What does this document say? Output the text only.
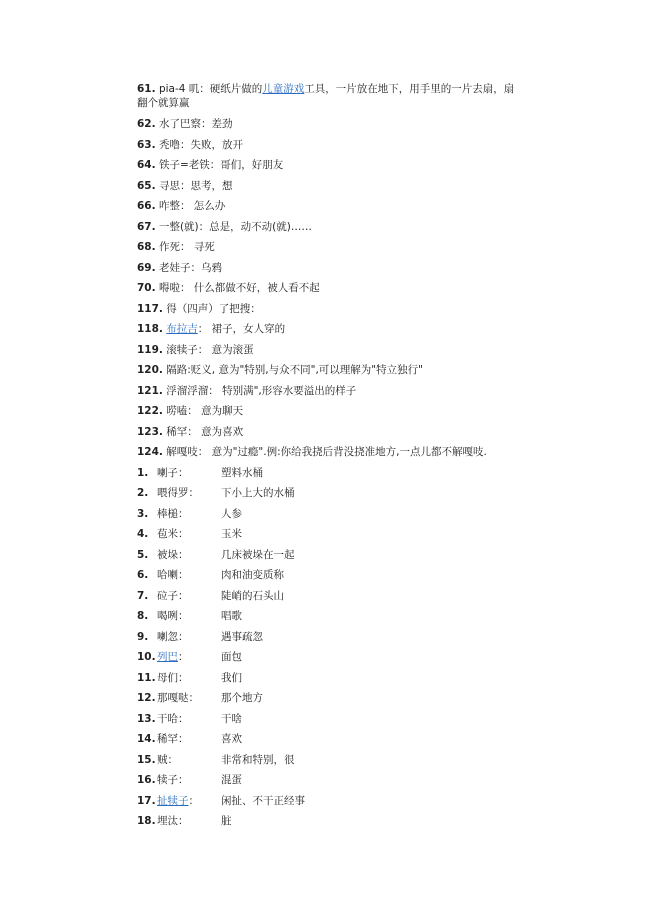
61. pia-4 叽：硬纸片做的儿童游戏工具，一片放在地下，用手里的一片去扇，扇
翻个就算赢
62. 水了巴察：差劲
63. 秃噜：失败，放开
64. 铁子=老铁：哥们，好朋友
65. 寻思：思考，想
66. 咋整： 怎么办
67. 一整(就)：总是，动不动(就)……
68. 作死： 寻死
69. 老娃子：乌鸦
70. 嘚啦： 什么都做不好，被人看不起
117. 得（四声）了把搜：
118. 布拉吉： 裙子，女人穿的
119. 滚犊子： 意为滚蛋
120. 隔路:贬义, 意为"特别,与众不同",可以理解为"特立独行"
121. 浮溜浮溜： 特别满",形容水要溢出的样子
122. 唠嗑： 意为聊天
123. 稀罕： 意为喜欢
124. 解嘎吱： 意为"过瘾".例:你给我挠后背没挠准地方,一点儿都不解嘎吱.
1. 喇子：	塑料水桶
2. 喂得罗： 下小上大的水桶
3. 棒槌：	人参
4. 苞米：	玉米
5. 被垛：	几床被垛在一起
6. 哈喇：	肉和油变质称
7. 砬子：	陡峭的石头山
8. 喝咧：	唱歌
9. 喇忽：	遇事疏忽
10.列巴：	面包
11.母们：	我们
12.那嘎哒： 那个地方
13.干哈：	干啥
14.稀罕：	喜欢
15.贼：	非常和特别，很
16.犊子：	混蛋
17.扯犊子： 闲扯、不干正经事
18.埋汰：	脏
